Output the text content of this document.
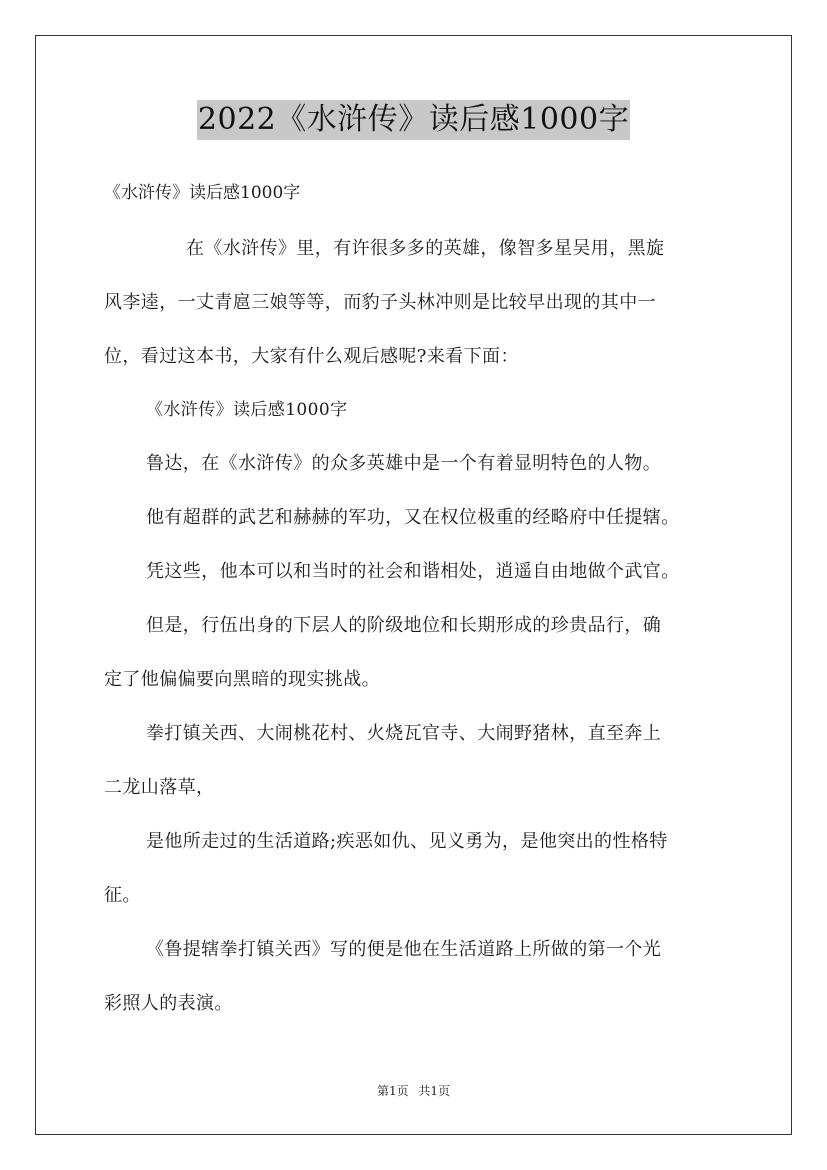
2022《水浒传》读后感1000字
《水浒传》读后感1000字
在《水浒传》里，有许很多多的英雄，像智多星吴用，黑旋
风李逵，一丈青扈三娘等等，而豹子头林冲则是比较早出现的其中一
位，看过这本书，大家有什么观后感呢?来看下面：
《水浒传》读后感1000字
鲁达，在《水浒传》的众多英雄中是一个有着显明特色的人物。
他有超群的武艺和赫赫的军功，又在权位极重的经略府中任提辖。
凭这些，他本可以和当时的社会和谐相处，逍遥自由地做个武官。
但是，行伍出身的下层人的阶级地位和长期形成的珍贵品行，确
定了他偏偏要向黑暗的现实挑战。
拳打镇关西、大闹桃花村、火烧瓦官寺、大闹野猪林，直至奔上
二龙山落草，
是他所走过的生活道路;疾恶如仇、见义勇为，是他突出的性格特
征。
《鲁提辖拳打镇关西》写的便是他在生活道路上所做的第一个光
彩照人的表演。
第1页 共1页
